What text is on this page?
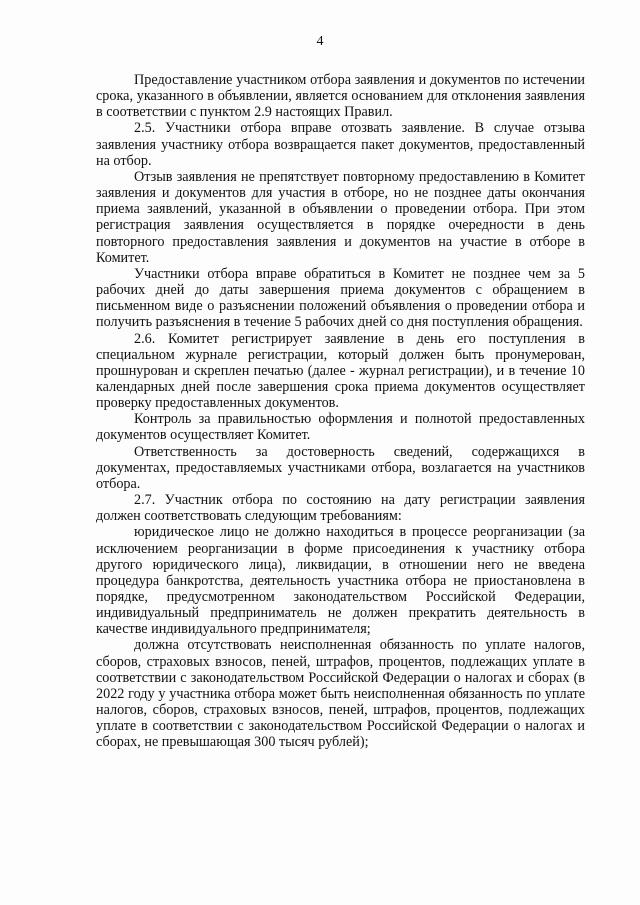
4

Предоставление участником отбора заявления и документов по истечении срока, указанного в объявлении, является основанием для отклонения заявления в соответствии с пунктом 2.9 настоящих Правил.

2.5. Участники отбора вправе отозвать заявление. В случае отзыва заявления участнику отбора возвращается пакет документов, предоставленный на отбор.

Отзыв заявления не препятствует повторному предоставлению в Комитет заявления и документов для участия в отборе, но не позднее даты окончания приема заявлений, указанной в объявлении о проведении отбора. При этом регистрация заявления осуществляется в порядке очередности в день повторного предоставления заявления и документов на участие в отборе в Комитет.

Участники отбора вправе обратиться в Комитет не позднее чем за 5 рабочих дней до даты завершения приема документов с обращением в письменном виде о разъяснении положений объявления о проведении отбора и получить разъяснения в течение 5 рабочих дней со дня поступления обращения.

2.6. Комитет регистрирует заявление в день его поступления в специальном журнале регистрации, который должен быть пронумерован, прошнурован и скреплен печатью (далее - журнал регистрации), и в течение 10 календарных дней после завершения срока приема документов осуществляет проверку предоставленных документов.

Контроль за правильностью оформления и полнотой предоставленных документов осуществляет Комитет.

Ответственность за достоверность сведений, содержащихся в документах, предоставляемых участниками отбора, возлагается на участников отбора.

2.7. Участник отбора по состоянию на дату регистрации заявления должен соответствовать следующим требованиям:

юридическое лицо не должно находиться в процессе реорганизации (за исключением реорганизации в форме присоединения к участнику отбора другого юридического лица), ликвидации, в отношении него не введена процедура банкротства, деятельность участника отбора не приостановлена в порядке, предусмотренном законодательством Российской Федерации, индивидуальный предприниматель не должен прекратить деятельность в качестве индивидуального предпринимателя;

должна отсутствовать неисполненная обязанность по уплате налогов, сборов, страховых взносов, пеней, штрафов, процентов, подлежащих уплате в соответствии с законодательством Российской Федерации о налогах и сборах (в 2022 году у участника отбора может быть неисполненная обязанность по уплате налогов, сборов, страховых взносов, пеней, штрафов, процентов, подлежащих уплате в соответствии с законодательством Российской Федерации о налогах и сборах, не превышающая 300 тысяч рублей);
